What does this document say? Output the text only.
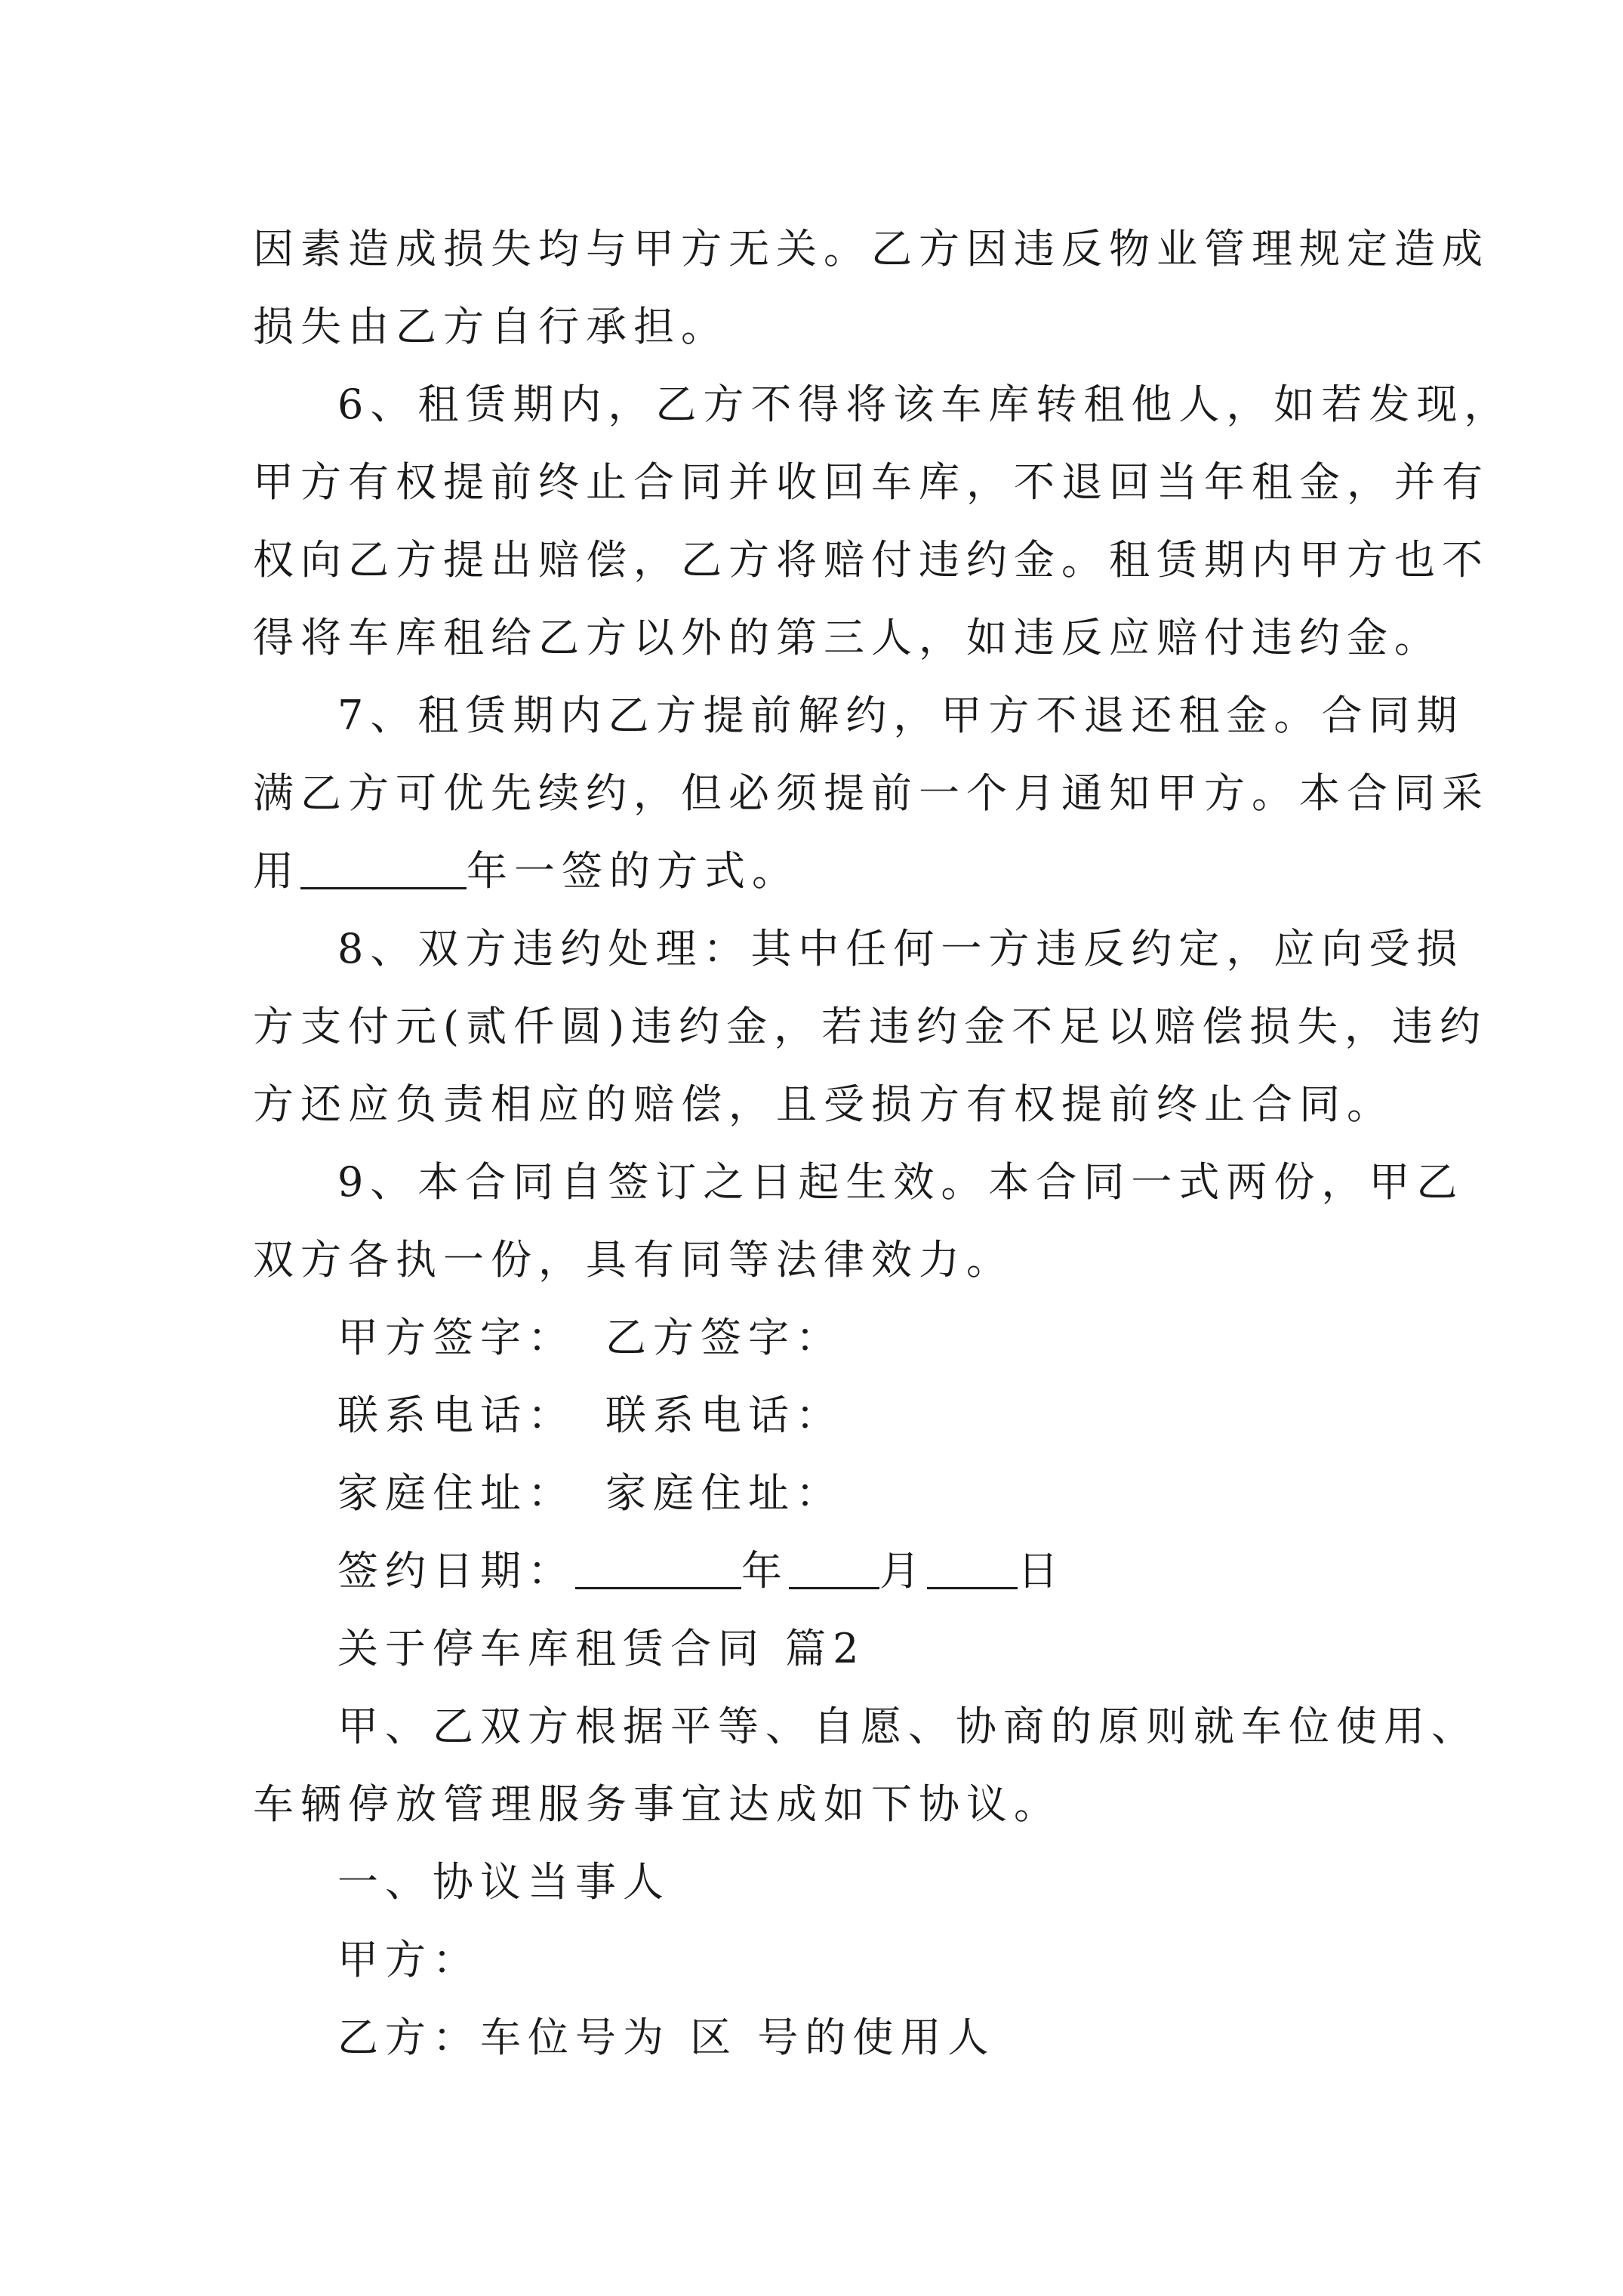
因素造成损失均与甲方无关。乙方因违反物业管理规定造成
损失由乙方自行承担。
6、租赁期内，乙方不得将该车库转租他人，如若发现，
甲方有权提前终止合同并收回车库，不退回当年租金，并有
权向乙方提出赔偿，乙方将赔付违约金。租赁期内甲方也不
得将车库租给乙方以外的第三人，如违反应赔付违约金。
7、租赁期内乙方提前解约，甲方不退还租金。合同期
满乙方可优先续约，但必须提前一个月通知甲方。本合同采
用	年一签的方式。
8、双方违约处理：其中任何一方违反约定，应向受损
方支付元(贰仟圆)违约金，若违约金不足以赔偿损失，违约
方还应负责相应的赔偿，且受损方有权提前终止合同。
9、本合同自签订之日起生效。本合同一式两份，甲乙
双方各执一份，具有同等法律效力。
甲方签字： 乙方签字：
联系电话： 联系电话：
家庭住址： 家庭住址：
签约日期：	年 月 日
关于停车库租赁合同 篇2
甲、乙双方根据平等、自愿、协商的原则就车位使用、
车辆停放管理服务事宜达成如下协议。
一、协议当事人
甲方：
乙方：车位号为 区 号的使用人
